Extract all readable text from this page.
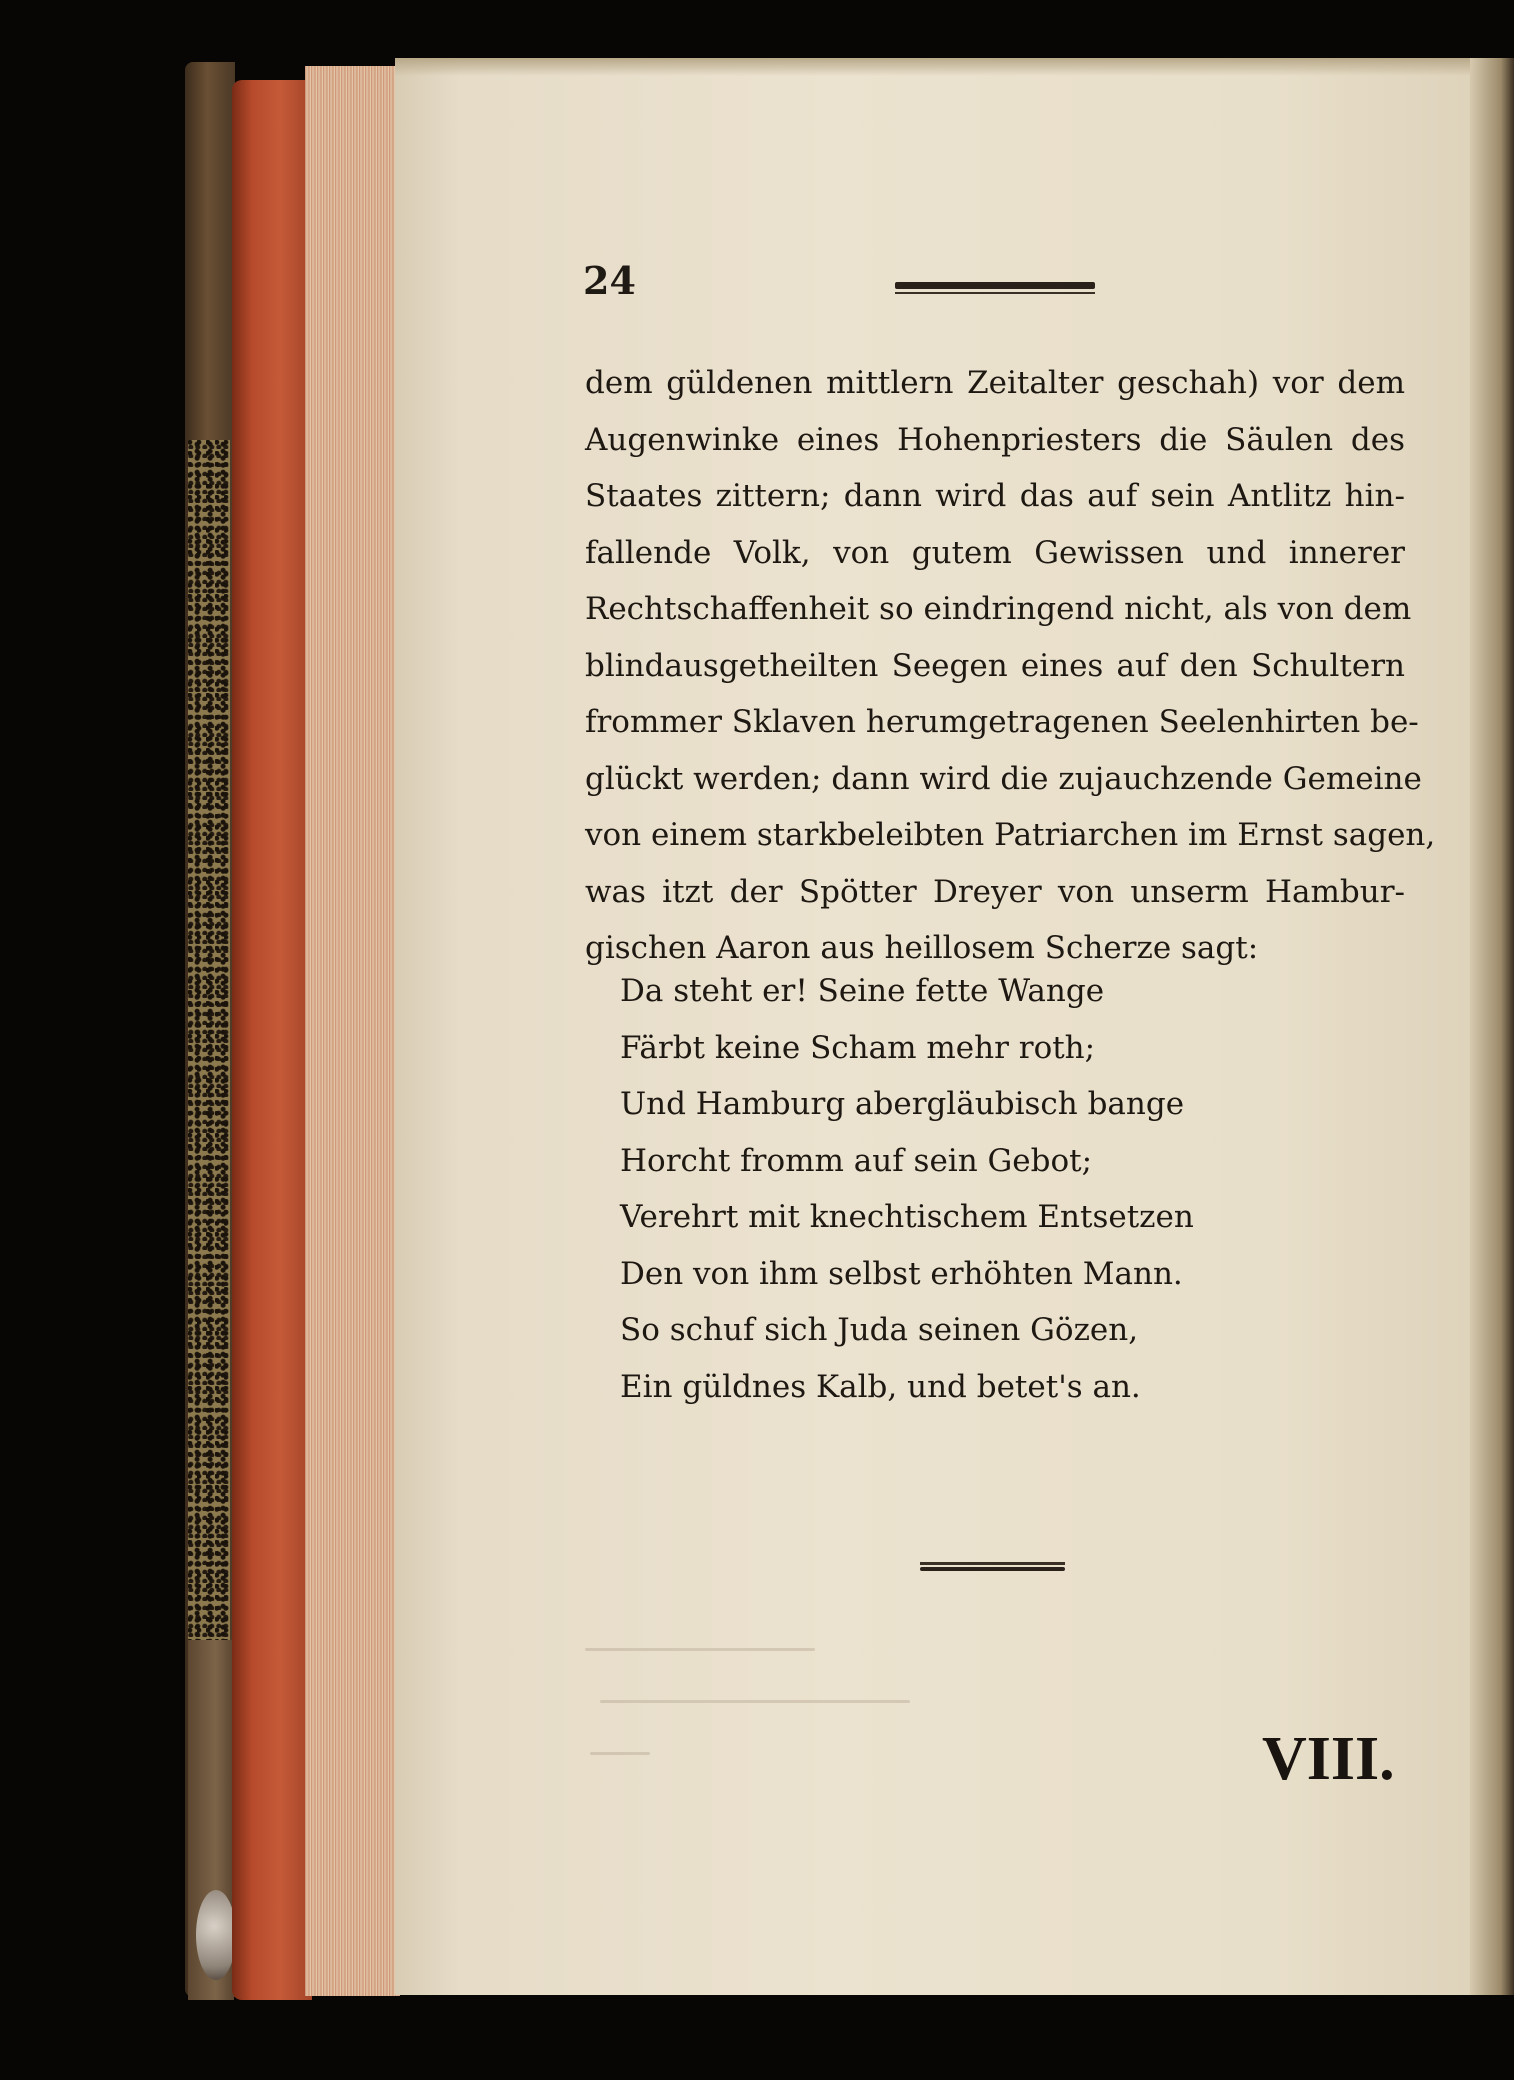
24

dem güldenen mittlern Zeitalter geschah) vor dem
Augenwinke eines Hohenpriesters die Säulen des
Staates zittern; dann wird das auf sein Antlitz hin-
fallende Volk, von gutem Gewissen und innerer
Rechtschaffenheit so eindringend nicht, als von dem
blindausgetheilten Seegen eines auf den Schultern
frommer Sklaven herumgetragenen Seelenhirten be-
glückt werden; dann wird die zujauchzende Gemeine
von einem starkbeleibten Patriarchen im Ernst sagen,
was itzt der Spötter Dreyer von unserm Hambur-
gischen Aaron aus heillosem Scherze sagt:
Da steht er! Seine fette Wange
Färbt keine Scham mehr roth;
Und Hamburg abergläubisch bange
Horcht fromm auf sein Gebot;
Verehrt mit knechtischem Entsetzen
Den von ihm selbst erhöhten Mann.
So schuf sich Juda seinen Gözen,
Ein güldnes Kalb, und betet's an.

VIII.
